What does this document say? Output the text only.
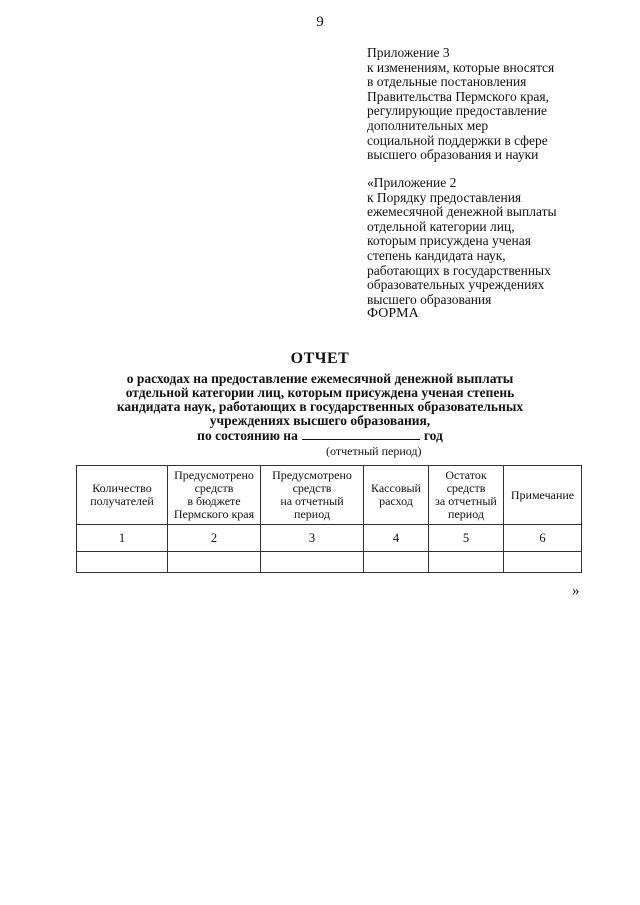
9
Приложение 3
к изменениям, которые вносятся
в отдельные постановления
Правительства Пермского края,
регулирующие предоставление
дополнительных мер
социальной поддержки в сфере
высшего образования и науки
«Приложение 2
к Порядку предоставления
ежемесячной денежной выплаты
отдельной категории лиц,
которым присуждена ученая
степень кандидата наук,
работающих в государственных
образовательных учреждениях
высшего образования
ФОРМА
ОТЧЕТ
о расходах на предоставление ежемесячной денежной выплаты
отдельной категории лиц, которым присуждена ученая степень
кандидата наук, работающих в государственных образовательных
учреждениях высшего образования,
по состоянию на	год
(отчетный период)
Количество
получателей	Предусмотрено
средств
в бюджете
Пермского края	Предусмотрено
средств
на отчетный
период	Кассовый
расход	Остаток
средств
за отчетный
период	Примечание

1	2	3	4	5	6

»
